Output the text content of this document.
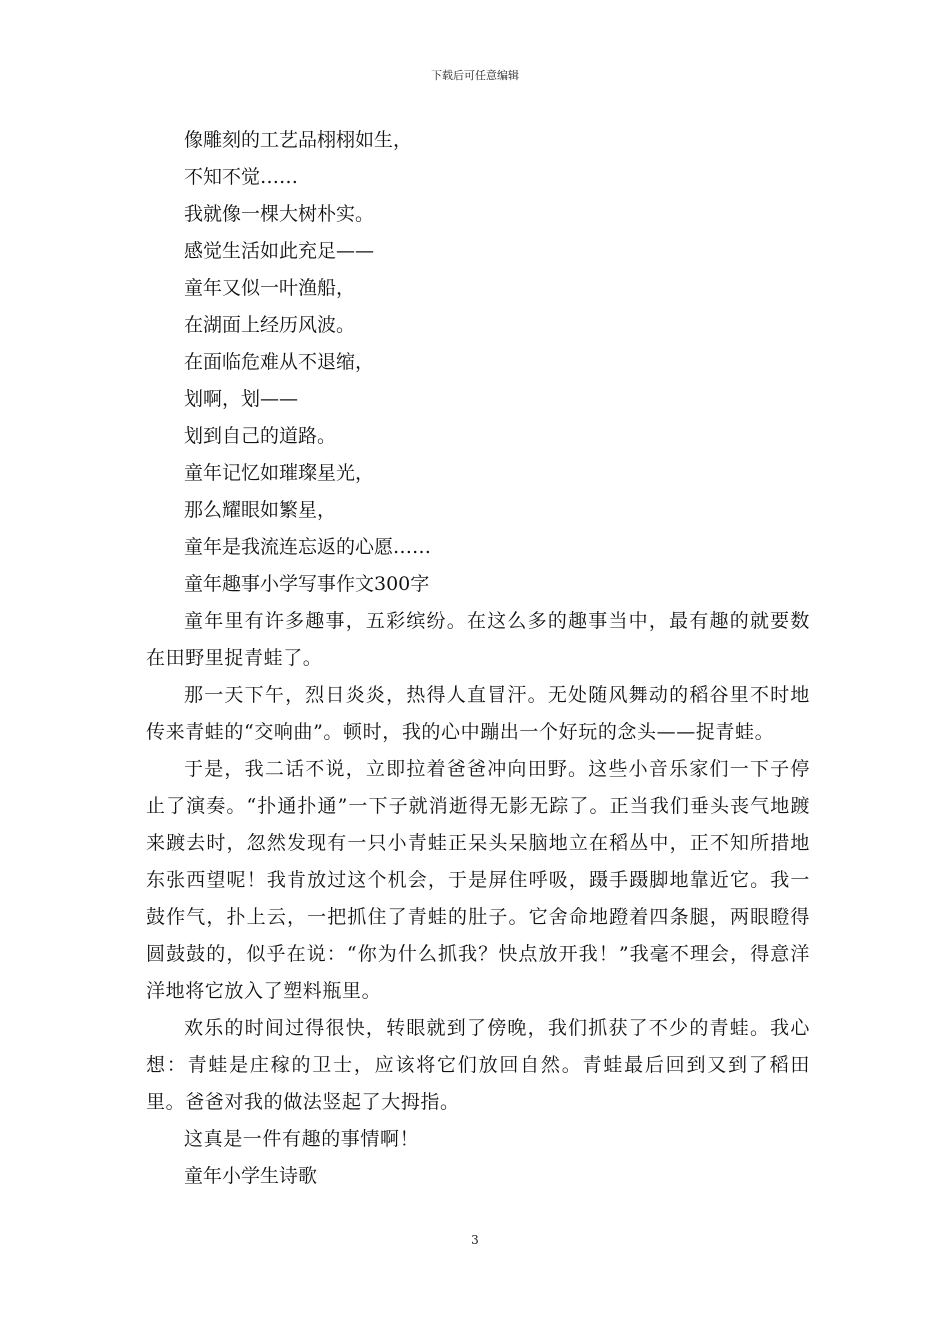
下载后可任意编辑
像雕刻的工艺品栩栩如生，
不知不觉……
我就像一棵大树朴实。
感觉生活如此充足——
童年又似一叶渔船，
在湖面上经历风波。
在面临危难从不退缩，
划啊，划——
划到自己的道路。
童年记忆如璀璨星光，
那么耀眼如繁星，
童年是我流连忘返的心愿……
童年趣事小学写事作文300字

童年里有许多趣事，五彩缤纷。在这么多的趣事当中，最有趣的就要数在田野里捉青蛙了。

那一天下午，烈日炎炎，热得人直冒汗。无处随风舞动的稻谷里不时地传来青蛙的“交响曲”。顿时，我的心中蹦出一个好玩的念头——捉青蛙。

于是，我二话不说，立即拉着爸爸冲向田野。这些小音乐家们一下子停止了演奏。“扑通扑通”一下子就消逝得无影无踪了。正当我们垂头丧气地踱来踱去时，忽然发现有一只小青蛙正呆头呆脑地立在稻丛中，正不知所措地东张西望呢！我肯放过这个机会，于是屏住呼吸，蹑手蹑脚地靠近它。我一鼓作气，扑上云，一把抓住了青蛙的肚子。它舍命地蹬着四条腿，两眼瞪得圆鼓鼓的，似乎在说：“你为什么抓我？快点放开我！”我毫不理会，得意洋洋地将它放入了塑料瓶里。

欢乐的时间过得很快，转眼就到了傍晚，我们抓获了不少的青蛙。我心想：青蛙是庄稼的卫士，应该将它们放回自然。青蛙最后回到又到了稻田里。爸爸对我的做法竖起了大拇指。

这真是一件有趣的事情啊！

童年小学生诗歌
3
